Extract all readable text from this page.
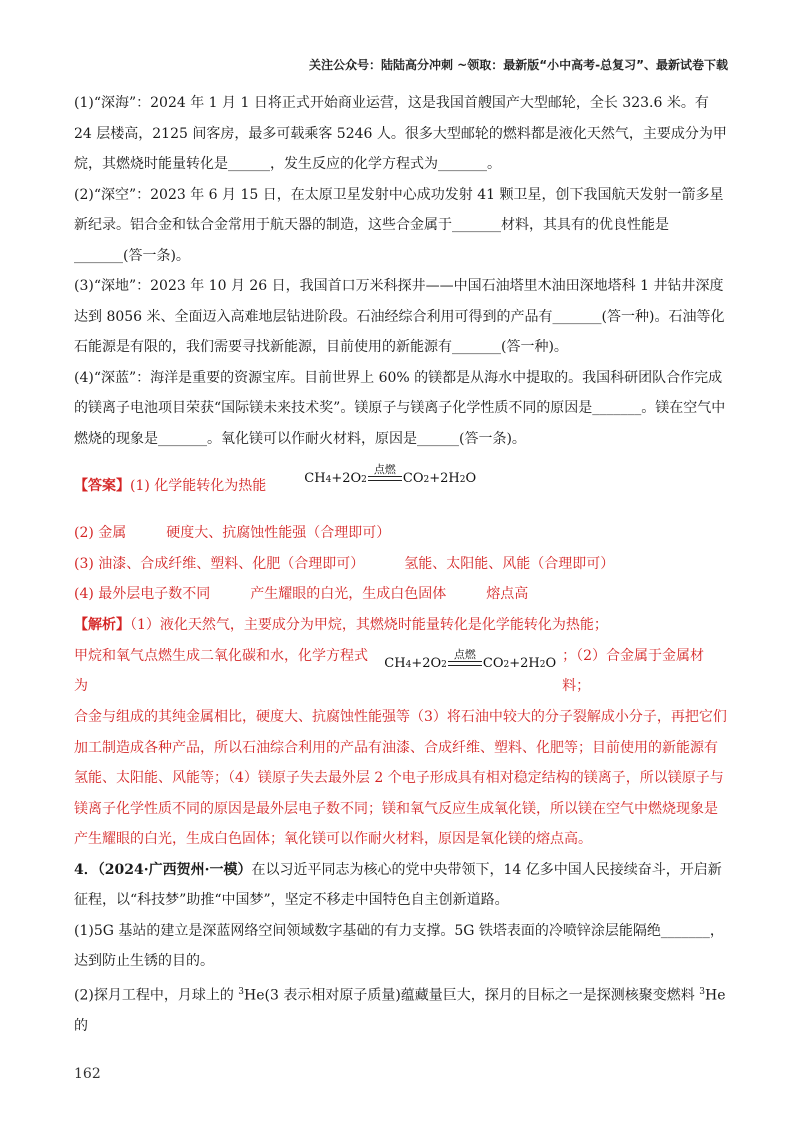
关注公众号：陆陆高分冲刺 ~领取：最新版“小中高考-总复习”、最新试卷下载

(1)“深海”：2024 年 1 月 1 日将正式开始商业运营，这是我国首艘国产大型邮轮，全长 323.6 米。有 24 层楼高，2125 间客房，最多可载乘客 5246 人。很多大型邮轮的燃料都是液化天然气，主要成分为甲烷，其燃烧时能量转化是______，发生反应的化学方程式为_______。

(2)“深空”：2023 年 6 月 15 日，在太原卫星发射中心成功发射 41 颗卫星，创下我国航天发射一箭多星新纪录。铝合金和钛合金常用于航天器的制造，这些合金属于_______材料，其具有的优良性能是_______(答一条)。

(3)“深地”：2023 年 10 月 26 日，我国首口万米科探井——中国石油塔里木油田深地塔科 1 井钻井深度达到 8056 米、全面迈入高难地层钻进阶段。石油经综合利用可得到的产品有_______(答一种)。石油等化石能源是有限的，我们需要寻找新能源，目前使用的新能源有_______(答一种)。

(4)“深蓝”：海洋是重要的资源宝库。目前世界上 60% 的镁都是从海水中提取的。我国科研团队合作完成的镁离子电池项目荣获“国际镁未来技术奖”。镁原子与镁离子化学性质不同的原因是_______。镁在空气中燃烧的现象是_______。氧化镁可以作耐火材料，原因是______(答一条)。

【答案】(1) 化学能转化为热能	CH 4 +2O 2
点燃
CO 2 +2H 2 O

(2) 金属	硬度大、抗腐蚀性能强（合理即可）

(3) 油漆、合成纤维、塑料、化肥（合理即可）	氢能、太阳能、风能（合理即可）

(4) 最外层电子数不同	产生耀眼的白光，生成白色固体	熔点高

【解析】（1）液化天然气，主要成分为甲烷，其燃烧时能量转化是化学能转化为热能；

甲烷和氧气点燃生成二氧化碳和水，化学方程式为
CH 4 +2O 2
点燃
CO 2 +2H 2 O
；（2）合金属于金属材料；

合金与组成的其纯金属相比，硬度大、抗腐蚀性能强等（3）将石油中较大的分子裂解成小分子，再把它们加工制造成各种产品，所以石油综合利用的产品有油漆、合成纤维、塑料、化肥等；目前使用的新能源有氢能、太阳能、风能等；（4）镁原子失去最外层 2 个电子形成具有相对稳定结构的镁离子，所以镁原子与镁离子化学性质不同的原因是最外层电子数不同；镁和氧气反应生成氧化镁，所以镁在空气中燃烧现象是产生耀眼的白光，生成白色固体；氧化镁可以作耐火材料，原因是氧化镁的熔点高。

4．（2024·广西贺州·一模）在以习近平同志为核心的党中央带领下，14 亿多中国人民接续奋斗，开启新征程，以“科技梦”助推“中国梦”，坚定不移走中国特色自主创新道路。

(1)5G 基站的建立是深蓝网络空间领域数字基础的有力支撑。5G 铁塔表面的冷喷锌涂层能隔绝_______，达到防止生锈的目的。

(2)探月工程中，月球上的 $^3$He(3 表示相对原子质量)蕴藏量巨大，探月的目标之一是探测核聚变燃料 $^3$He 的

162
